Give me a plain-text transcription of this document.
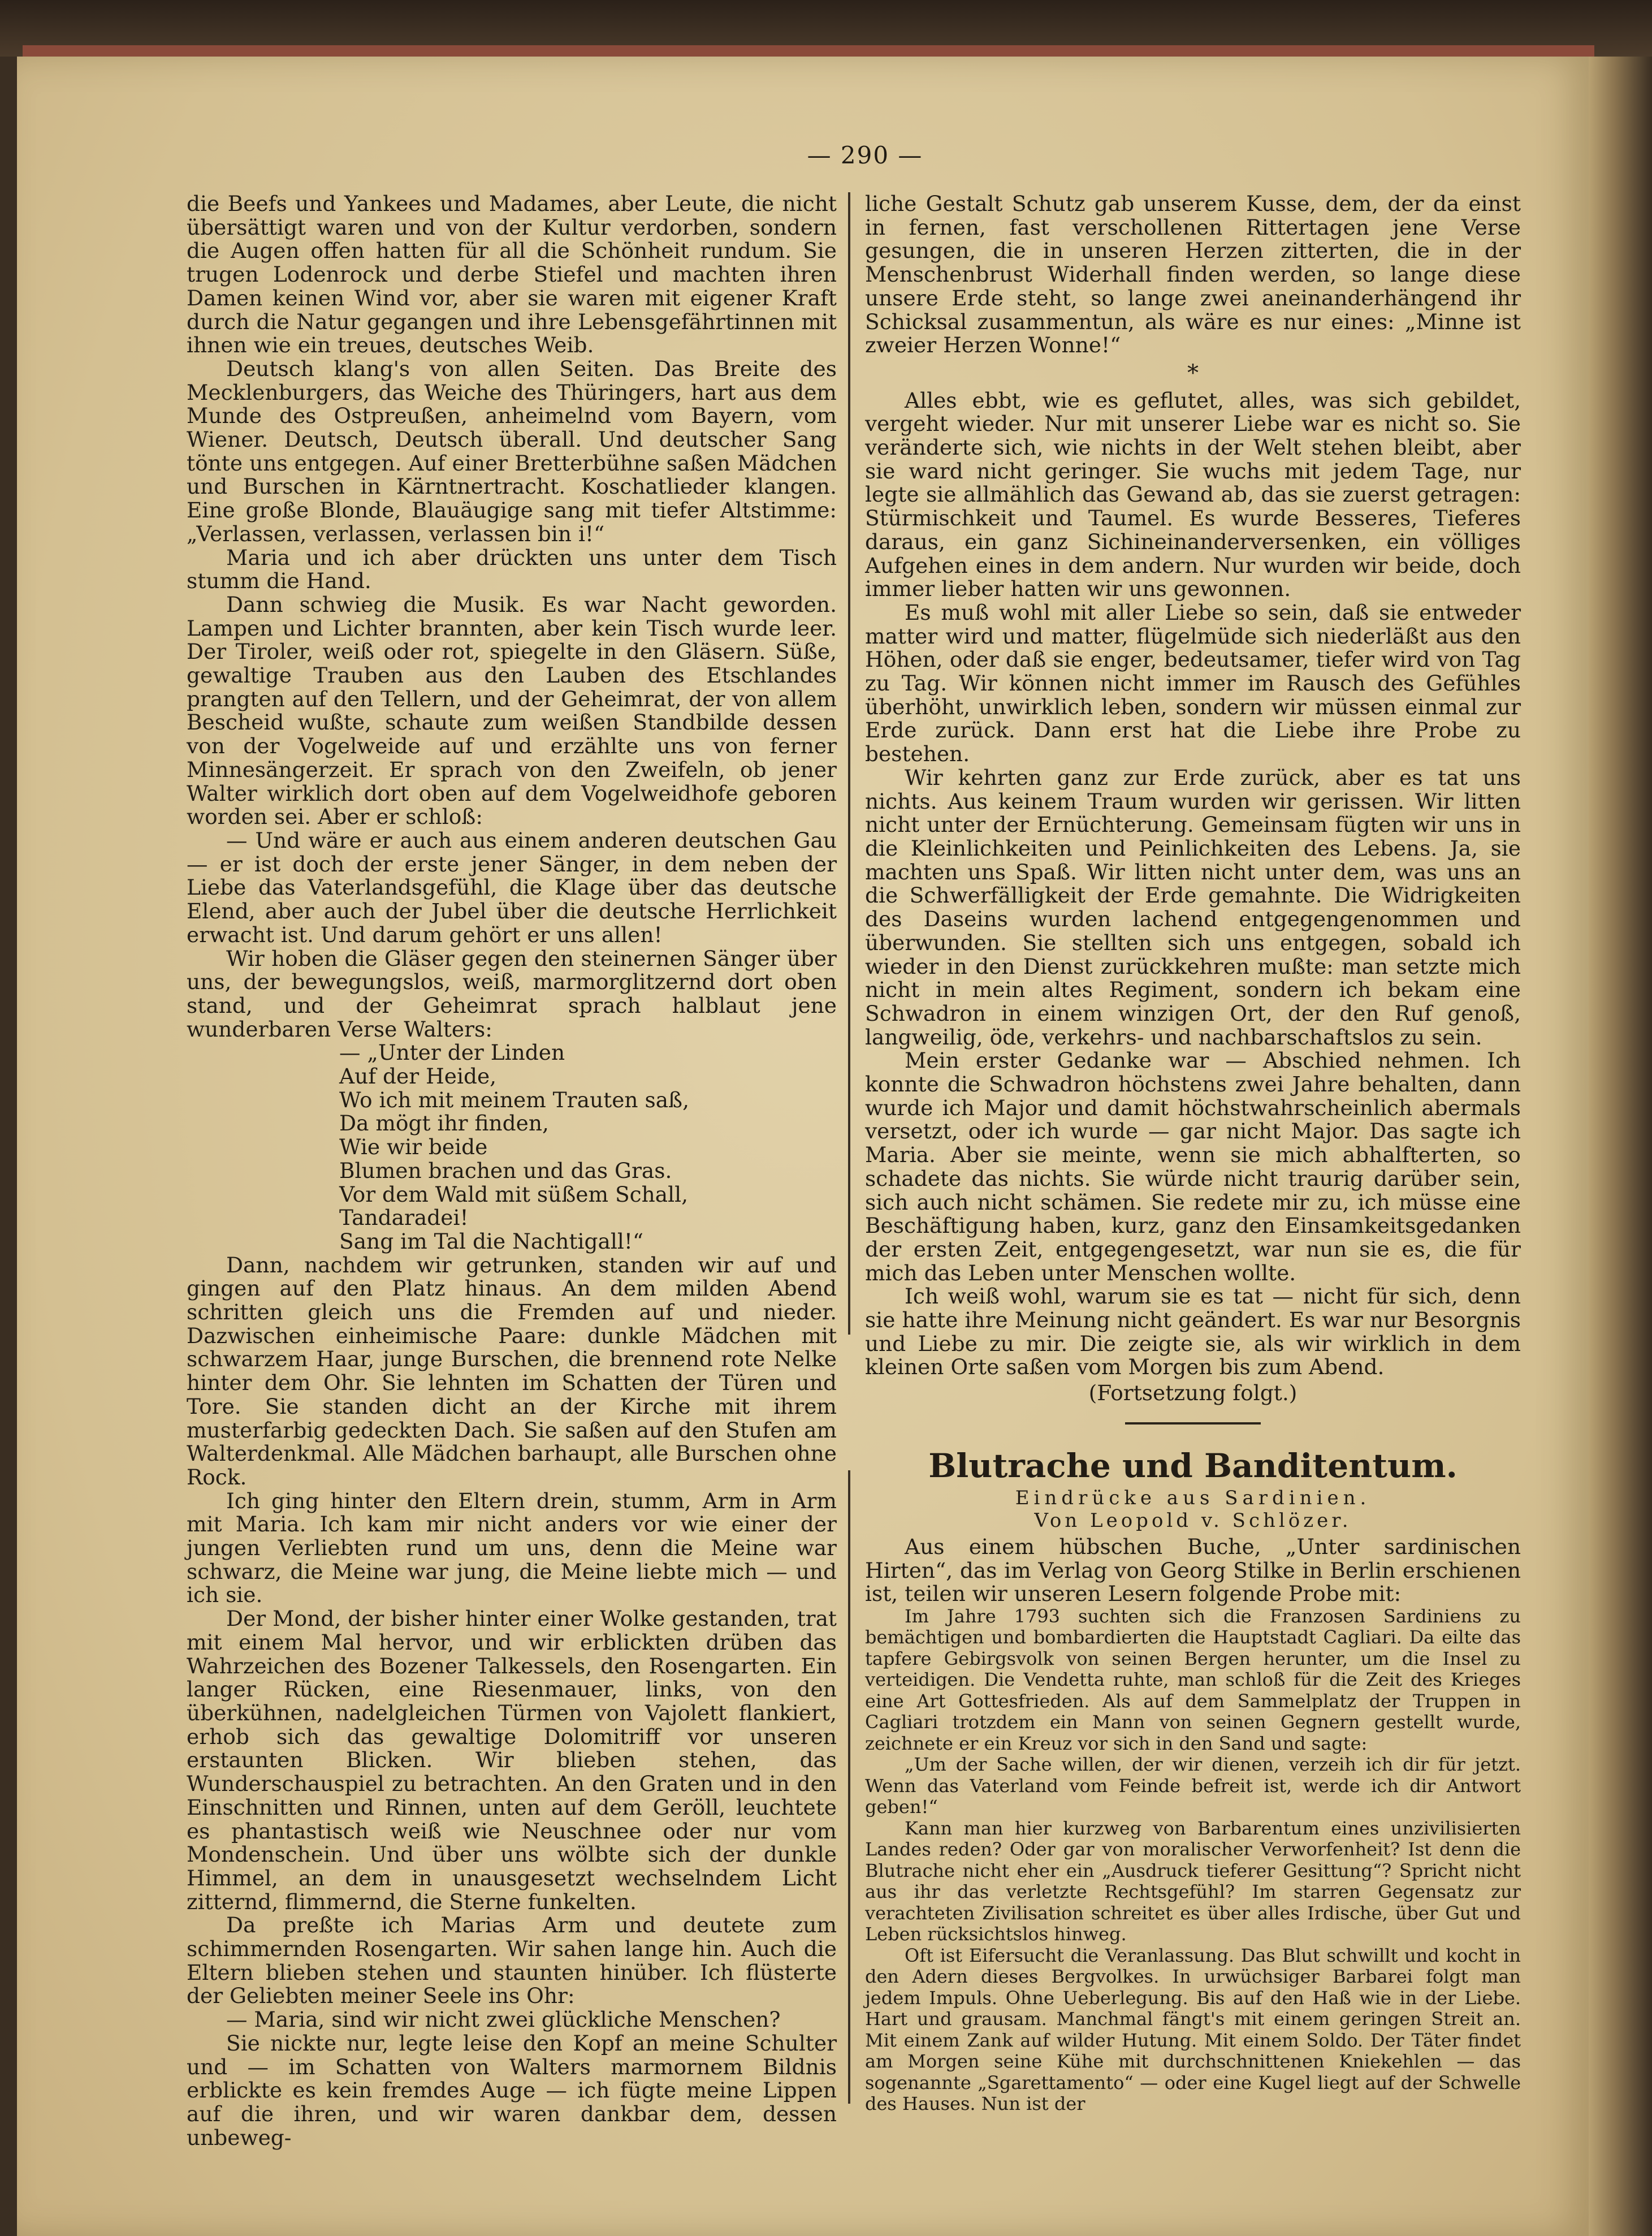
— 290 —

die Beefs und Yankees und Madames, aber Leute, die nicht übersättigt waren und von der Kultur verdorben, sondern die Augen offen hatten für all die Schönheit rundum. Sie trugen Lodenrock und derbe Stiefel und machten ihren Damen keinen Wind vor, aber sie waren mit eigener Kraft durch die Natur gegangen und ihre Lebensgefährtinnen mit ihnen wie ein treues, deutsches Weib.

Deutsch klang's von allen Seiten. Das Breite des Mecklenburgers, das Weiche des Thüringers, hart aus dem Munde des Ostpreußen, anheimelnd vom Bayern, vom Wiener. Deutsch, Deutsch überall. Und deutscher Sang tönte uns entgegen. Auf einer Bretterbühne saßen Mädchen und Burschen in Kärntnertracht. Koschatlieder klangen. Eine große Blonde, Blauäugige sang mit tiefer Altstimme: „Verlassen, verlassen, verlassen bin i!“

Maria und ich aber drückten uns unter dem Tisch stumm die Hand.

Dann schwieg die Musik. Es war Nacht geworden. Lampen und Lichter brannten, aber kein Tisch wurde leer. Der Tiroler, weiß oder rot, spiegelte in den Gläsern. Süße, gewaltige Trauben aus den Lauben des Etschlandes prangten auf den Tellern, und der Geheimrat, der von allem Bescheid wußte, schaute zum weißen Standbilde dessen von der Vogelweide auf und erzählte uns von ferner Minnesängerzeit. Er sprach von den Zweifeln, ob jener Walter wirklich dort oben auf dem Vogelweidhofe geboren worden sei. Aber er schloß:

— Und wäre er auch aus einem anderen deutschen Gau — er ist doch der erste jener Sänger, in dem neben der Liebe das Vaterlandsgefühl, die Klage über das deutsche Elend, aber auch der Jubel über die deutsche Herrlichkeit erwacht ist. Und darum gehört er uns allen!

Wir hoben die Gläser gegen den steinernen Sänger über uns, der bewegungslos, weiß, marmorglitzernd dort oben stand, und der Geheimrat sprach halblaut jene wunderbaren Verse Walters:

— „Unter der Linden
Auf der Heide,
Wo ich mit meinem Trauten saß,
Da mögt ihr finden,
Wie wir beide
Blumen brachen und das Gras.
Vor dem Wald mit süßem Schall,
Tandaradei!
Sang im Tal die Nachtigall!“

Dann, nachdem wir getrunken, standen wir auf und gingen auf den Platz hinaus. An dem milden Abend schritten gleich uns die Fremden auf und nieder. Dazwischen einheimische Paare: dunkle Mädchen mit schwarzem Haar, junge Burschen, die brennend rote Nelke hinter dem Ohr. Sie lehnten im Schatten der Türen und Tore. Sie standen dicht an der Kirche mit ihrem musterfarbig gedeckten Dach. Sie saßen auf den Stufen am Walterdenkmal. Alle Mädchen barhaupt, alle Burschen ohne Rock.

Ich ging hinter den Eltern drein, stumm, Arm in Arm mit Maria. Ich kam mir nicht anders vor wie einer der jungen Verliebten rund um uns, denn die Meine war schwarz, die Meine war jung, die Meine liebte mich — und ich sie.

Der Mond, der bisher hinter einer Wolke gestanden, trat mit einem Mal hervor, und wir erblickten drüben das Wahrzeichen des Bozener Talkessels, den Rosengarten. Ein langer Rücken, eine Riesenmauer, links, von den überkühnen, nadelgleichen Türmen von Vajolett flankiert, erhob sich das gewaltige Dolomitriff vor unseren erstaunten Blicken. Wir blieben stehen, das Wunderschauspiel zu betrachten. An den Graten und in den Einschnitten und Rinnen, unten auf dem Geröll, leuchtete es phantastisch weiß wie Neuschnee oder nur vom Mondenschein. Und über uns wölbte sich der dunkle Himmel, an dem in unausgesetzt wechselndem Licht zitternd, flimmernd, die Sterne funkelten.

Da preßte ich Marias Arm und deutete zum schimmernden Rosengarten. Wir sahen lange hin. Auch die Eltern blieben stehen und staunten hinüber. Ich flüsterte der Geliebten meiner Seele ins Ohr:

— Maria, sind wir nicht zwei glückliche Menschen?

Sie nickte nur, legte leise den Kopf an meine Schulter und — im Schatten von Walters marmornem Bildnis erblickte es kein fremdes Auge — ich fügte meine Lippen auf die ihren, und wir waren dankbar dem, dessen unbeweg-

liche Gestalt Schutz gab unserem Kusse, dem, der da einst in fernen, fast verschollenen Rittertagen jene Verse gesungen, die in unseren Herzen zitterten, die in der Menschenbrust Widerhall finden werden, so lange diese unsere Erde steht, so lange zwei aneinanderhängend ihr Schicksal zusammentun, als wäre es nur eines: „Minne ist zweier Herzen Wonne!“

*

Alles ebbt, wie es geflutet, alles, was sich gebildet, vergeht wieder. Nur mit unserer Liebe war es nicht so. Sie veränderte sich, wie nichts in der Welt stehen bleibt, aber sie ward nicht geringer. Sie wuchs mit jedem Tage, nur legte sie allmählich das Gewand ab, das sie zuerst getragen: Stürmischkeit und Taumel. Es wurde Besseres, Tieferes daraus, ein ganz Sichineinanderversenken, ein völliges Aufgehen eines in dem andern. Nur wurden wir beide, doch immer lieber hatten wir uns gewonnen.

Es muß wohl mit aller Liebe so sein, daß sie entweder matter wird und matter, flügelmüde sich niederläßt aus den Höhen, oder daß sie enger, bedeutsamer, tiefer wird von Tag zu Tag. Wir können nicht immer im Rausch des Gefühles überhöht, unwirklich leben, sondern wir müssen einmal zur Erde zurück. Dann erst hat die Liebe ihre Probe zu bestehen.

Wir kehrten ganz zur Erde zurück, aber es tat uns nichts. Aus keinem Traum wurden wir gerissen. Wir litten nicht unter der Ernüchterung. Gemeinsam fügten wir uns in die Kleinlichkeiten und Peinlichkeiten des Lebens. Ja, sie machten uns Spaß. Wir litten nicht unter dem, was uns an die Schwerfälligkeit der Erde gemahnte. Die Widrigkeiten des Daseins wurden lachend entgegengenommen und überwunden. Sie stellten sich uns entgegen, sobald ich wieder in den Dienst zurückkehren mußte: man setzte mich nicht in mein altes Regiment, sondern ich bekam eine Schwadron in einem winzigen Ort, der den Ruf genoß, langweilig, öde, verkehrs- und nachbarschaftslos zu sein.

Mein erster Gedanke war — Abschied nehmen. Ich konnte die Schwadron höchstens zwei Jahre behalten, dann wurde ich Major und damit höchstwahrscheinlich abermals versetzt, oder ich wurde — gar nicht Major. Das sagte ich Maria. Aber sie meinte, wenn sie mich abhalfterten, so schadete das nichts. Sie würde nicht traurig darüber sein, sich auch nicht schämen. Sie redete mir zu, ich müsse eine Beschäftigung haben, kurz, ganz den Einsamkeitsgedanken der ersten Zeit, entgegengesetzt, war nun sie es, die für mich das Leben unter Menschen wollte.

Ich weiß wohl, warum sie es tat — nicht für sich, denn sie hatte ihre Meinung nicht geändert. Es war nur Besorgnis und Liebe zu mir. Die zeigte sie, als wir wirklich in dem kleinen Orte saßen vom Morgen bis zum Abend.

(Fortsetzung folgt.)
Blutrache und Banditentum.
Eindrücke aus Sardinien.
Von Leopold v. Schlözer.

Aus einem hübschen Buche, „Unter sardinischen Hirten“, das im Verlag von Georg Stilke in Berlin erschienen ist, teilen wir unseren Lesern folgende Probe mit:

Im Jahre 1793 suchten sich die Franzosen Sardiniens zu bemächtigen und bombardierten die Hauptstadt Cagliari. Da eilte das tapfere Gebirgsvolk von seinen Bergen herunter, um die Insel zu verteidigen. Die Vendetta ruhte, man schloß für die Zeit des Krieges eine Art Gottesfrieden. Als auf dem Sammelplatz der Truppen in Cagliari trotzdem ein Mann von seinen Gegnern gestellt wurde, zeichnete er ein Kreuz vor sich in den Sand und sagte:

„Um der Sache willen, der wir dienen, verzeih ich dir für jetzt. Wenn das Vaterland vom Feinde befreit ist, werde ich dir Antwort geben!“

Kann man hier kurzweg von Barbarentum eines unzivilisierten Landes reden? Oder gar von moralischer Verworfenheit? Ist denn die Blutrache nicht eher ein „Ausdruck tieferer Gesittung“? Spricht nicht aus ihr das verletzte Rechtsgefühl? Im starren Gegensatz zur verachteten Zivilisation schreitet es über alles Irdische, über Gut und Leben rücksichtslos hinweg.

Oft ist Eifersucht die Veranlassung. Das Blut schwillt und kocht in den Adern dieses Bergvolkes. In urwüchsiger Barbarei folgt man jedem Impuls. Ohne Ueberlegung. Bis auf den Haß wie in der Liebe. Hart und grausam. Manchmal fängt's mit einem geringen Streit an. Mit einem Zank auf wilder Hutung. Mit einem Soldo. Der Täter findet am Morgen seine Kühe mit durchschnittenen Kniekehlen — das sogenannte „Sgarettamento“ — oder eine Kugel liegt auf der Schwelle des Hauses. Nun ist der
